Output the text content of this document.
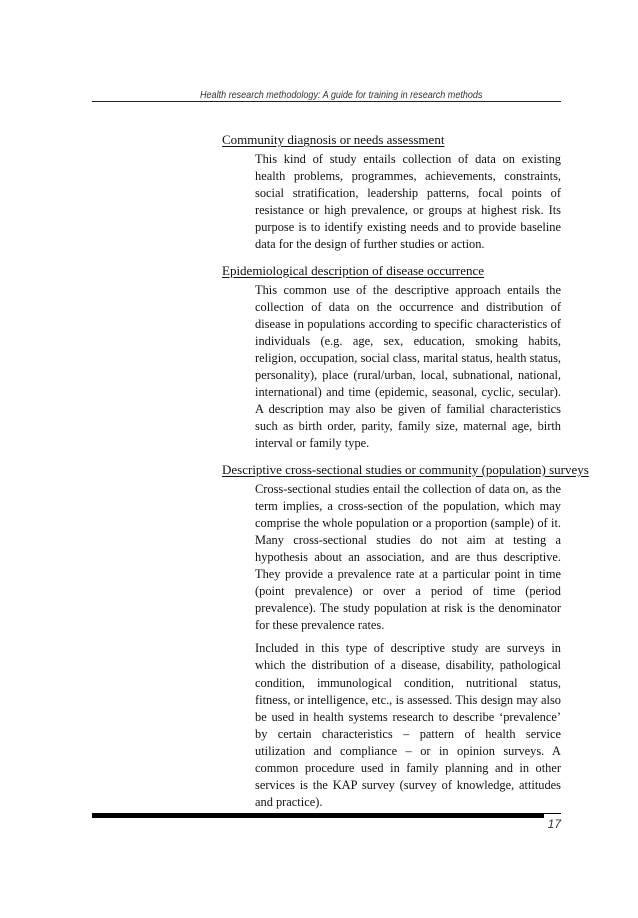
Health research methodology: A guide for training in research methods
Community diagnosis or needs assessment

This kind of study entails collection of data on existing health problems, programmes, achievements, constraints, social stratification, leadership patterns, focal points of resistance or high prevalence, or groups at highest risk. Its purpose is to identify existing needs and to provide baseline data for the design of further studies or action.

Epidemiological description of disease occurrence

This common use of the descriptive approach entails the collection of data on the occurrence and distribution of disease in populations according to specific characteristics of individuals (e.g. age, sex, education, smoking habits, religion, occupation, social class, marital status, health status, personality), place (rural/urban, local, subnational, national, international) and time (epidemic, seasonal, cyclic, secular). A description may also be given of familial characteristics such as birth order, parity, family size, maternal age, birth interval or family type.

Descriptive cross-sectional studies or community (population) surveys

Cross-sectional studies entail the collection of data on, as the term implies, a cross-section of the population, which may comprise the whole population or a proportion (sample) of it. Many cross-sectional studies do not aim at testing a hypothesis about an association, and are thus descriptive. They provide a prevalence rate at a particular point in time (point prevalence) or over a period of time (period prevalence). The study population at risk is the denominator for these prevalence rates.

Included in this type of descriptive study are surveys in which the distribution of a disease, disability, pathological condition, immunological condition, nutritional status, fitness, or intelligence, etc., is assessed. This design may also be used in health systems research to describe ‘prevalence’ by certain characteristics – pattern of health service utilization and compliance – or in opinion surveys. A common procedure used in family planning and in other services is the KAP survey (survey of knowledge, attitudes and practice).

17
